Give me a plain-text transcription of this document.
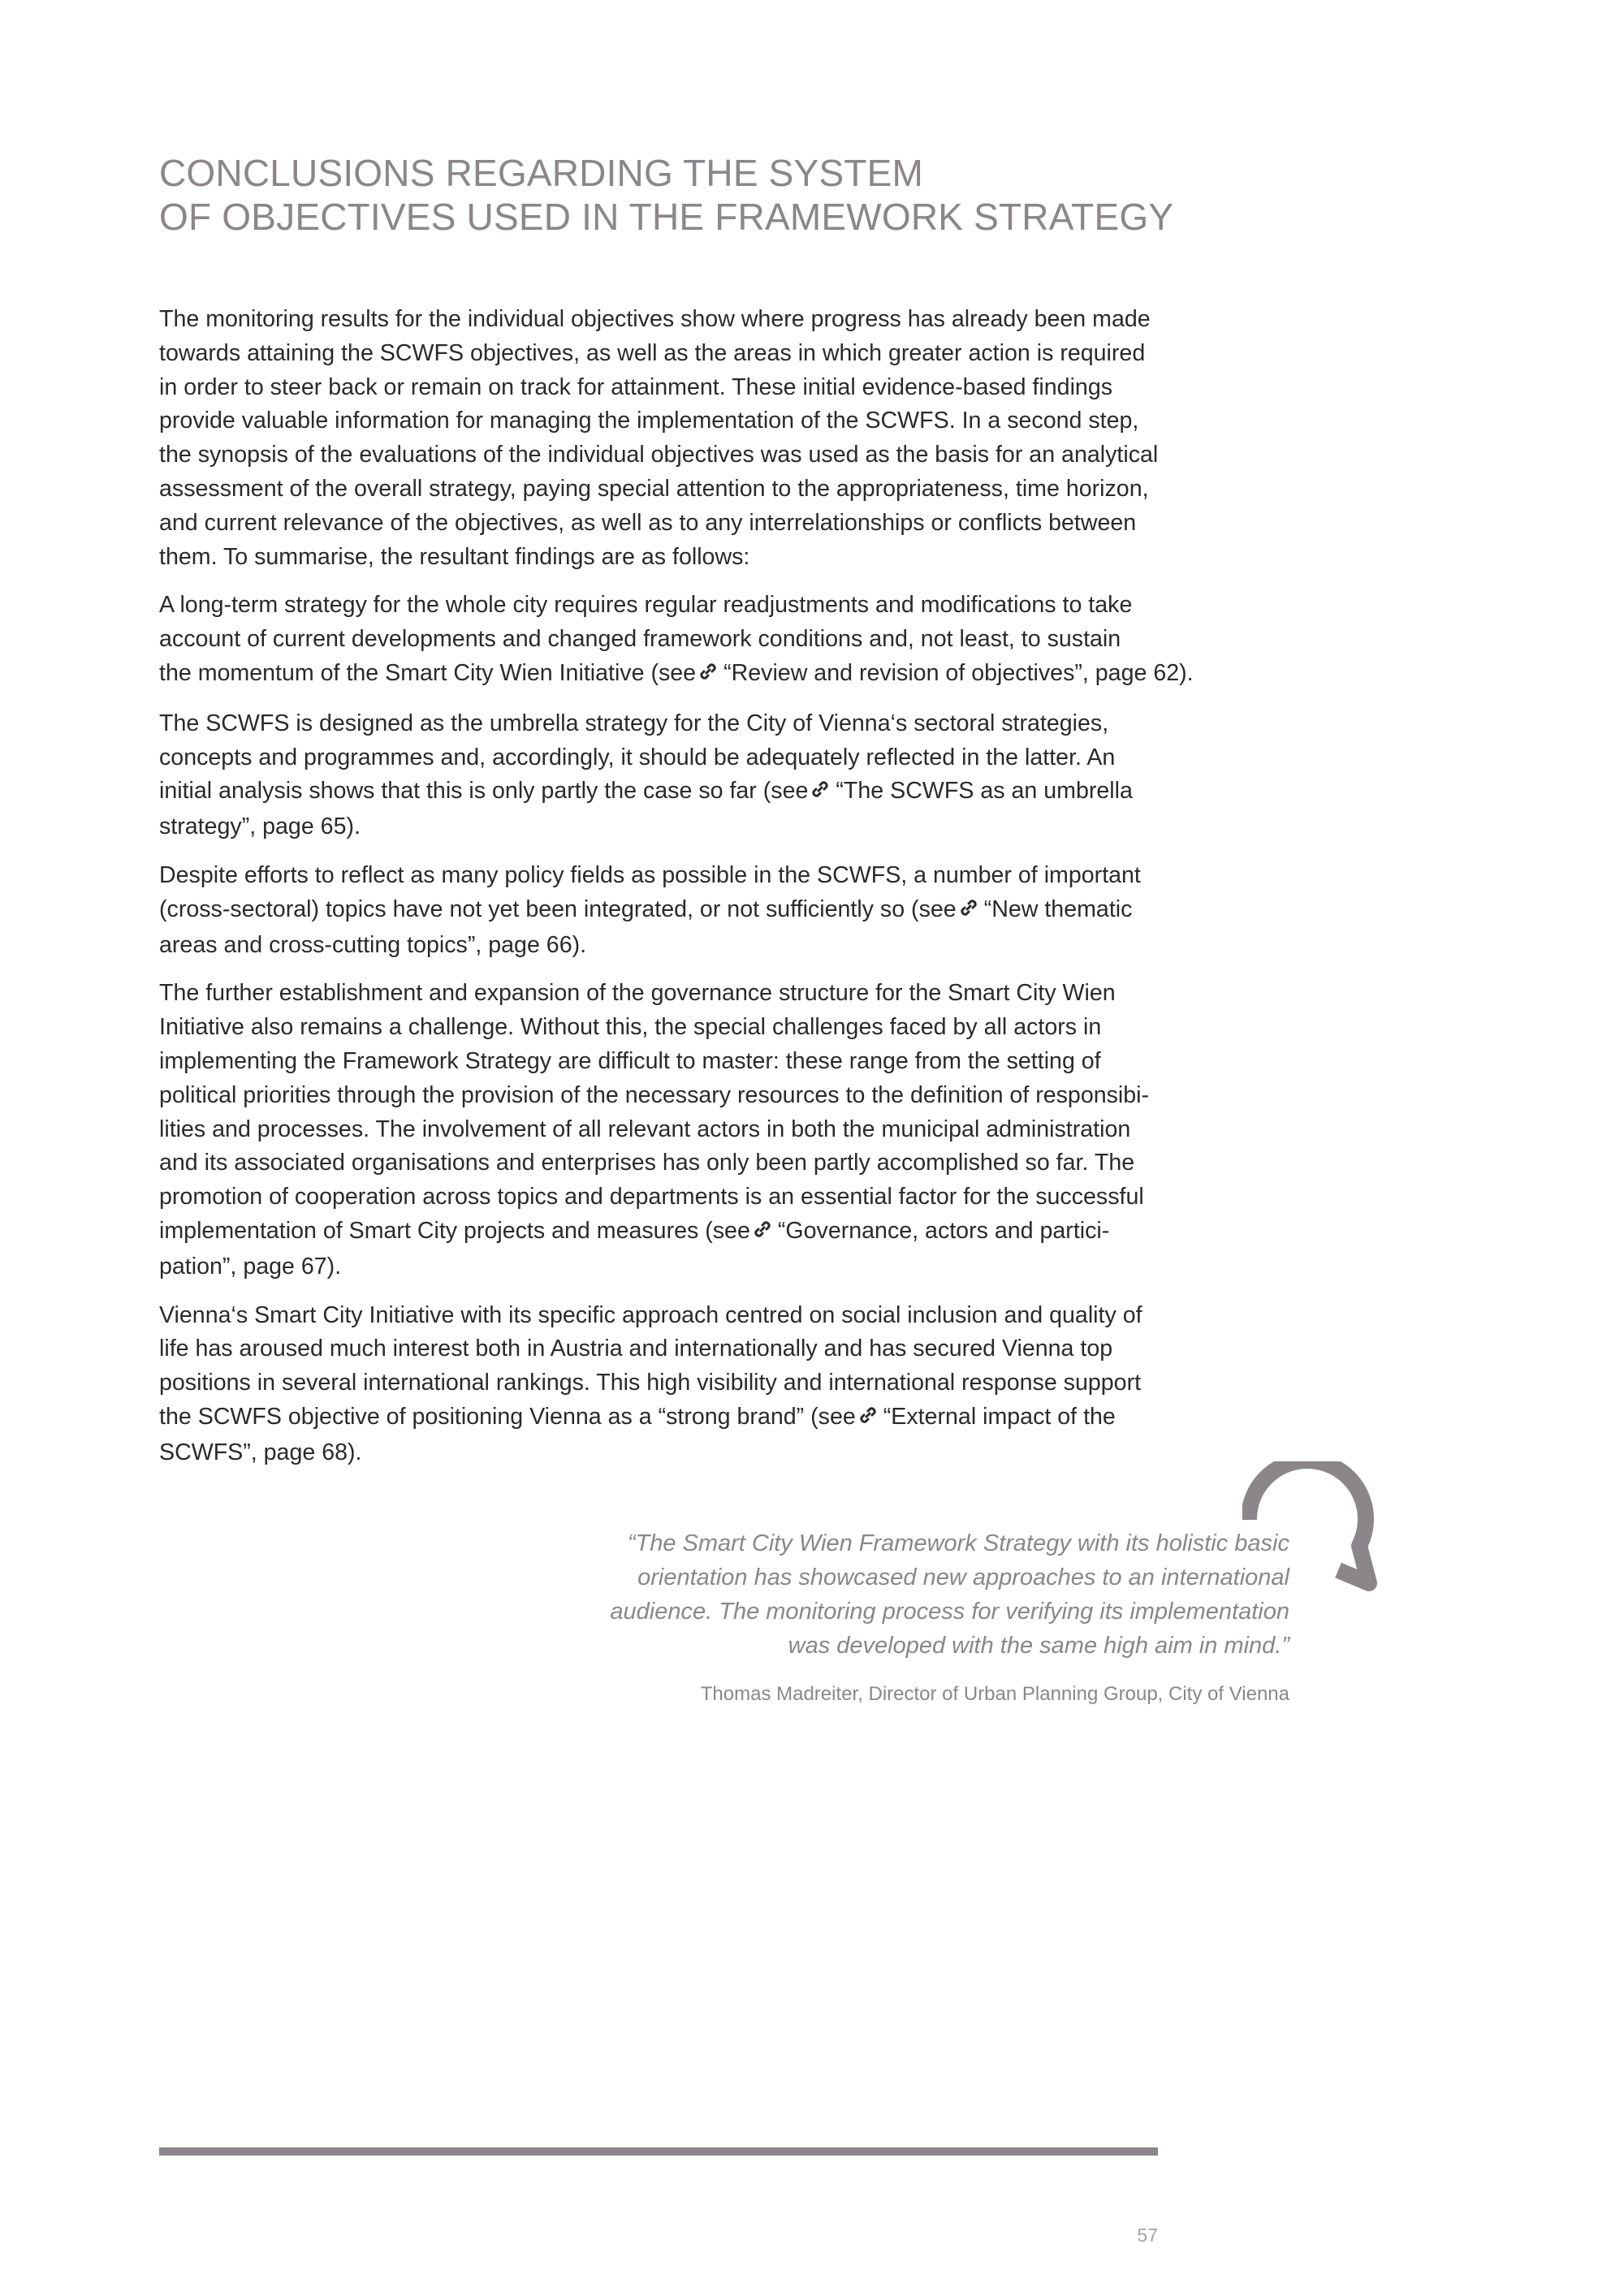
CONCLUSIONS REGARDING THE SYSTEM
OF OBJECTIVES USED IN THE FRAMEWORK STRATEGY

The monitoring results for the individual objectives show where progress has already been made
towards attaining the SCWFS objectives, as well as the areas in which greater action is required
in order to steer back or remain on track for attainment. These initial evidence-based findings
provide valuable information for managing the implementation of the SCWFS. In a second step,
the synopsis of the evaluations of the individual objectives was used as the basis for an analytical
assessment of the overall strategy, paying special attention to the appropriateness, time horizon,
and current relevance of the objectives, as well as to any interrelationships or conflicts between
them. To summarise, the resultant findings are as follows:

A long-term strategy for the whole city requires regular readjustments and modifications to take
account of current developments and changed framework conditions and, not least, to sustain
the momentum of the Smart City Wien Initiative (see “Review and revision of objectives”, page 62).

The SCWFS is designed as the umbrella strategy for the City of Vienna‘s sectoral strategies,
concepts and programmes and, accordingly, it should be adequately reflected in the latter. An
initial analysis shows that this is only partly the case so far (see “The SCWFS as an umbrella
strategy”, page 65).

Despite efforts to reflect as many policy fields as possible in the SCWFS, a number of important
(cross-sectoral) topics have not yet been integrated, or not sufficiently so (see “New thematic
areas and cross-cutting topics”, page 66).

The further establishment and expansion of the governance structure for the Smart City Wien
Initiative also remains a challenge. Without this, the special challenges faced by all actors in
implementing the Framework Strategy are difficult to master: these range from the setting of
political priorities through the provision of the necessary resources to the definition of responsibi-
lities and processes. The involvement of all relevant actors in both the municipal administration
and its associated organisations and enterprises has only been partly accomplished so far. The
promotion of cooperation across topics and departments is an essential factor for the successful
implementation of Smart City projects and measures (see “Governance, actors and partici-
pation”, page 67).

Vienna‘s Smart City Initiative with its specific approach centred on social inclusion and quality of
life has aroused much interest both in Austria and internationally and has secured Vienna top
positions in several international rankings. This high visibility and international response support
the SCWFS objective of positioning Vienna as a “strong brand” (see “External impact of the
SCWFS”, page 68).

“The Smart City Wien Framework Strategy with its holistic basic
orientation has showcased new approaches to an international
audience. The monitoring process for verifying its implementation
was developed with the same high aim in mind.”

Thomas Madreiter, Director of Urban Planning Group, City of Vienna
57
